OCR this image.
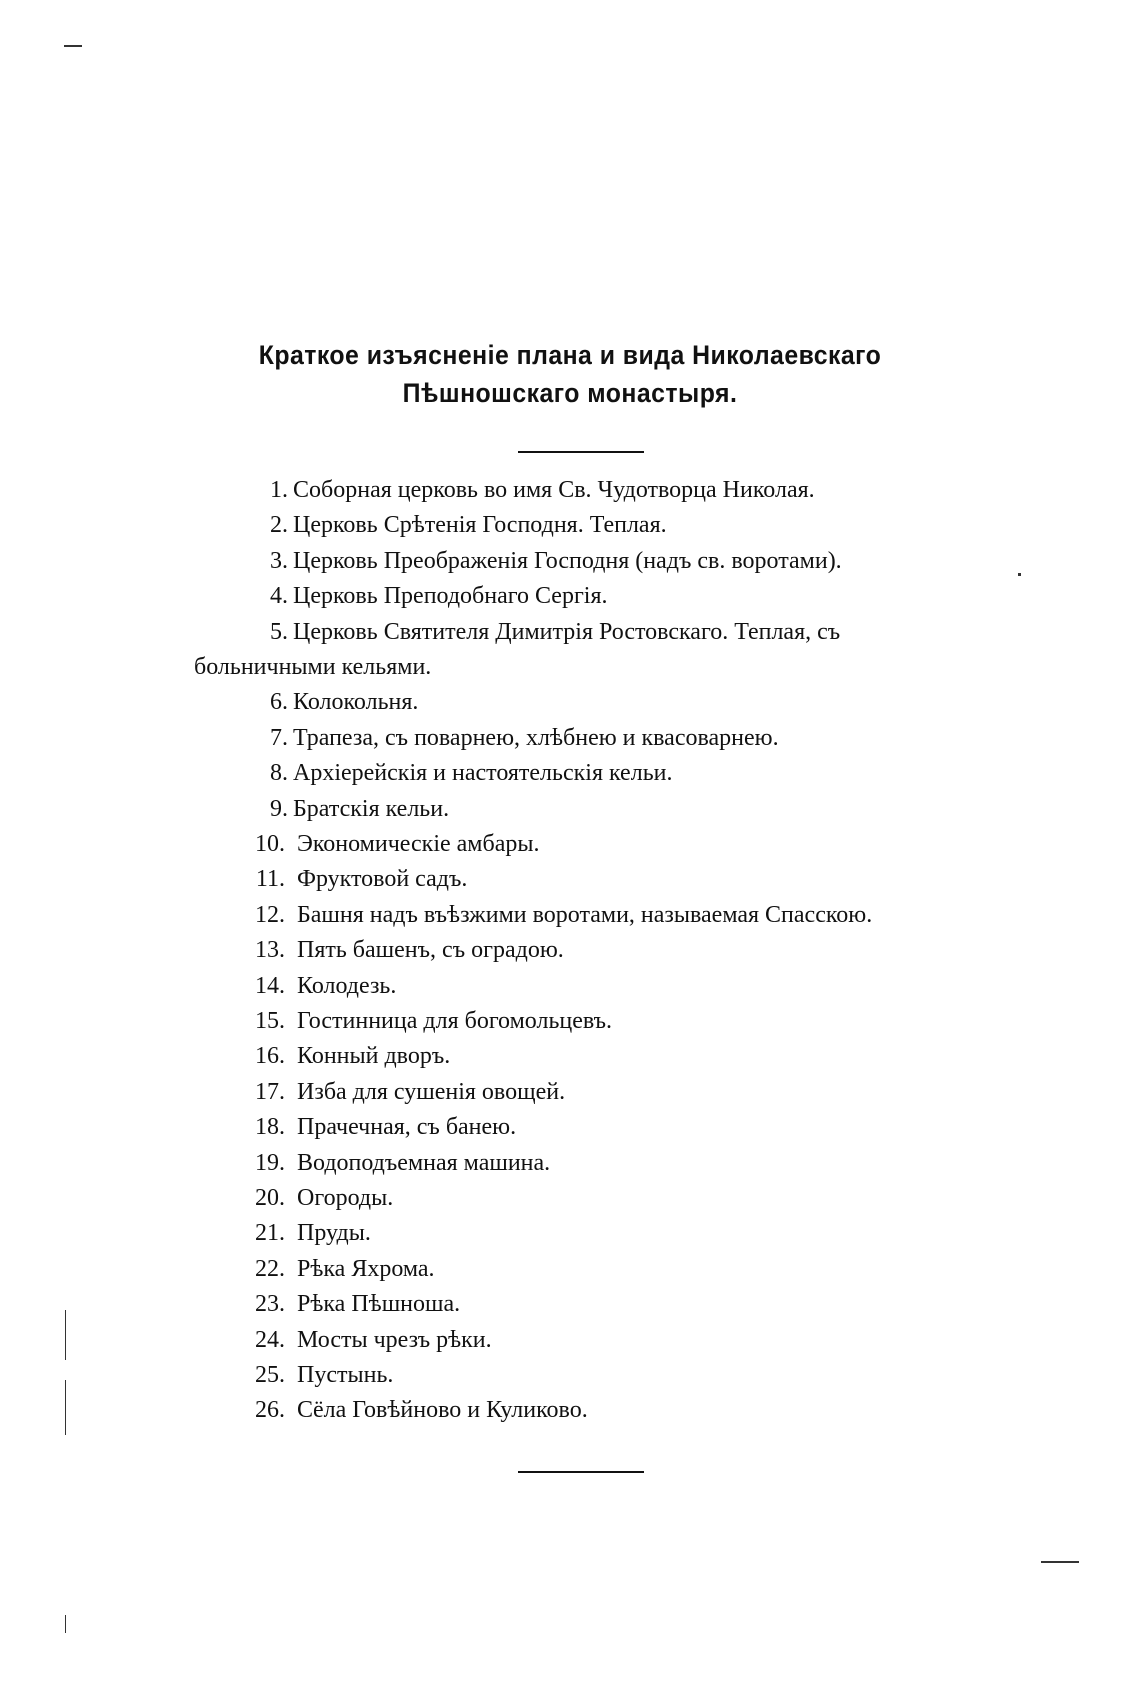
Краткое изъясненіе плана и вида Николаевскаго
Пѣшношскаго монастыря.
1. Соборная церковь во имя Св. Чудотворца Николая.
2. Церковь Срѣтенія Господня. Теплая.
3. Церковь Преображенія Господня (надъ св. воротами).
4. Церковь Преподобнаго Сергія.
5. Церковь Святителя Димитрія Ростовскаго. Теплая, съ
больничными кельями.
6. Колокольня.
7. Трапеза, съ поварнею, хлѣбнею и квасоварнею.
8. Архіерейскія и настоятельскія кельи.
9. Братскія кельи.
10. Экономическіе амбары.
11. Фруктовой садъ.
12. Башня надъ въѣзжими воротами, называемая Спасскою.
13. Пять башенъ, съ оградою.
14. Колодезь.
15. Гостинница для богомольцевъ.
16. Конный дворъ.
17. Изба для сушенія овощей.
18. Прачечная, съ банею.
19. Водоподъемная машина.
20. Огороды.
21. Пруды.
22. Рѣка Яхрома.
23. Рѣка Пѣшноша.
24. Мосты чрезъ рѣки.
25. Пустынь.
26. Сёла Говѣйново и Куликово.
